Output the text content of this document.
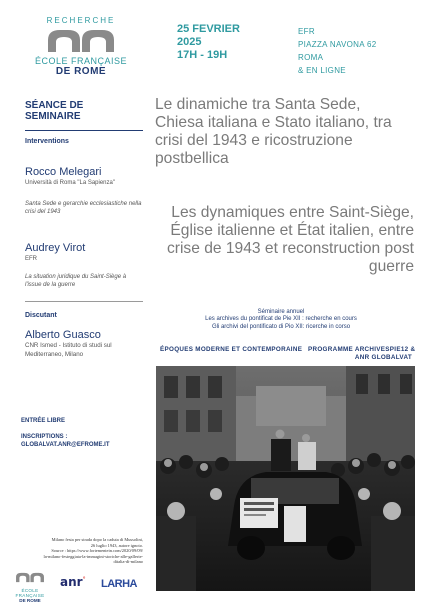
RECHERCHE
ÉCOLE FRANÇAISE
DE ROME
25 FEVRIER
2025
17H - 19H
EFR
PIAZZA NAVONA 62
ROMA
& EN LIGNE
SÉANCE DE
SEMINAIRE
Interventions
Rocco Melegari
Università di Roma "La Sapienza"
Santa Sede e gerarchie ecclesiastiche nella crisi del 1943
Audrey Virot
EFR
La situation juridique du Saint-Siège à l'issue de la guerre
Discutant
Alberto Guasco
CNR Ismed - Istituto di studi sul Mediterraneo, Milano
ENTRÉE LIBRE
INSCRIPTIONS :
GLOBALVAT.ANR@EFROME.IT
Milano festa per strada dopo la caduta di Mussolini,
26 luglio 1943, autore ignoto.
Source : https://www.fortementein.com/2020/09/09/
la-milano-festeggiata-la-immagini-storiche-alle-gallerie-
ditalia-di-milano
ÉCOLE FRANÇAISE
DE ROME
anr° LARHA
Le dinamiche tra Santa Sede, Chiesa italiana e Stato italiano, tra crisi del 1943 e ricostruzione postbellica
Les dynamiques entre Saint-Siège, Église italienne et État italien, entre crise de 1943 et reconstruction post guerre
Séminaire annuel
Les archives du pontificat de Pie XII : recherche en cours
Gli archivi del pontificato di Pio XII: ricerche in corso
ÉPOQUES MODERNE ET CONTEMPORAINE PROGRAMME ARCHIVESPIE12 &
ANR GLOBALVAT
